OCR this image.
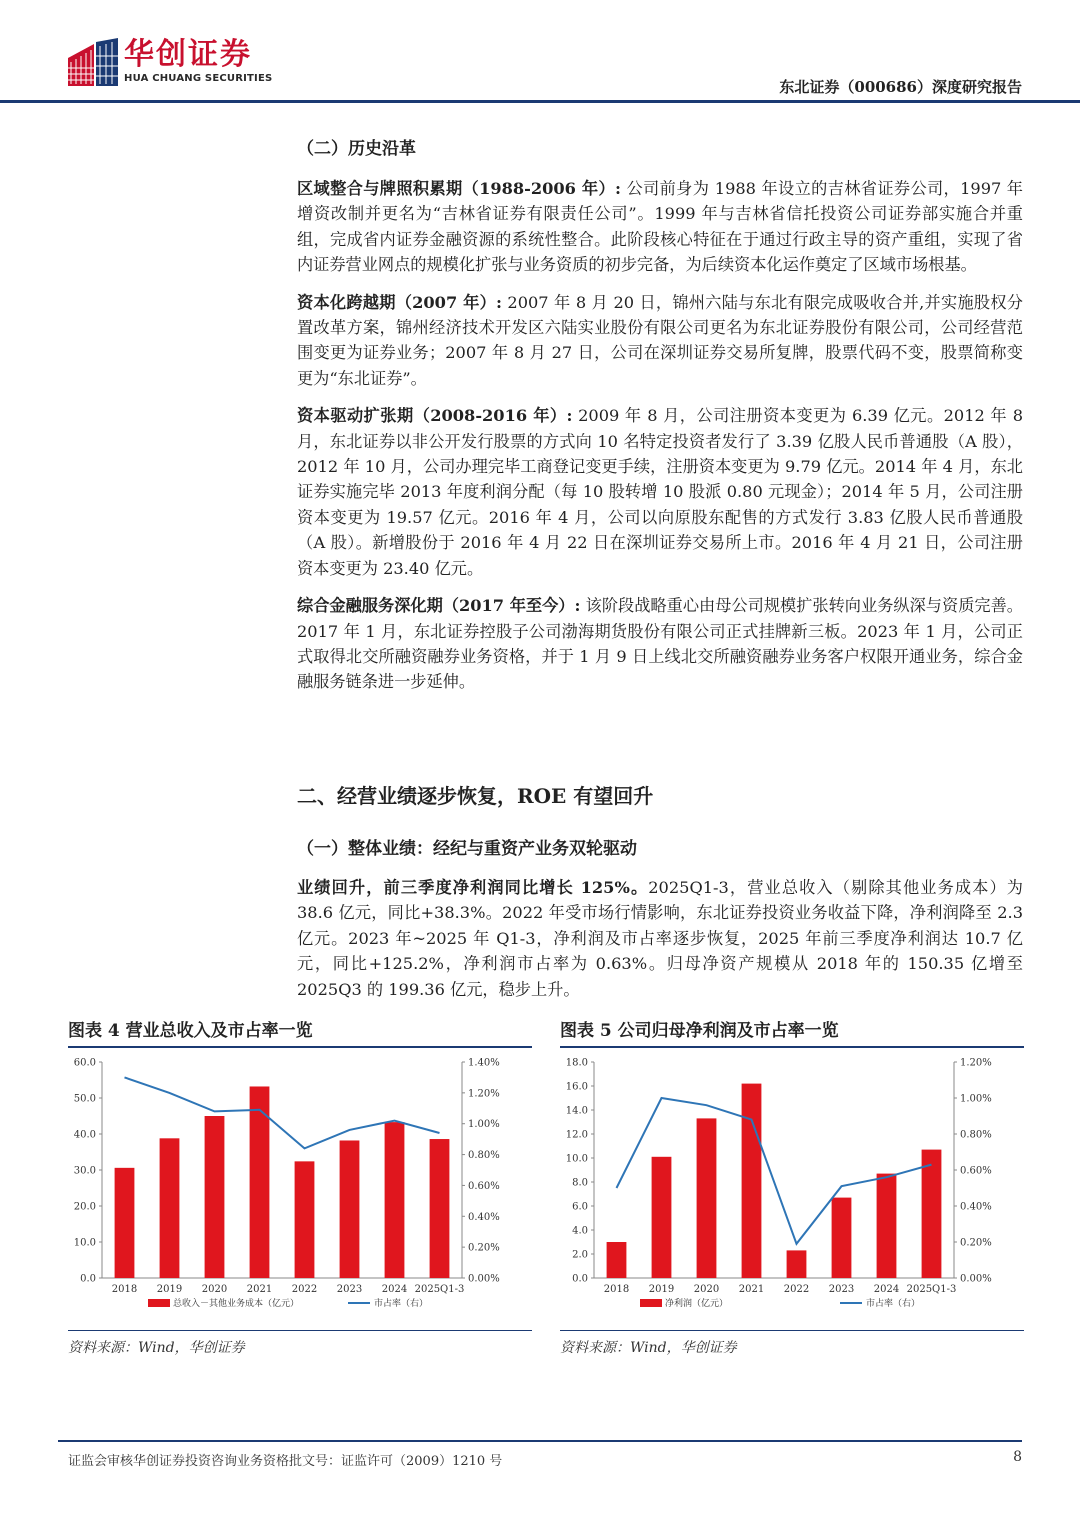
华创证券
HUA CHUANG SECURITIES	东北证券（000686）深度研究报告
（二）历史沿革

区域整合与牌照积累期（1988-2006 年）: 公司前身为 1988 年设立的吉林省证券公司，1997 年增资改制并更名为“吉林省证券有限责任公司”。1999 年与吉林省信托投资公司证券部实施合并重组，完成省内证券金融资源的系统性整合。此阶段核心特征在于通过行政主导的资产重组，实现了省内证券营业网点的规模化扩张与业务资质的初步完备，为后续资本化运作奠定了区域市场根基。

资本化跨越期（2007 年）: 2007 年 8 月 20 日，锦州六陆与东北有限完成吸收合并,并实施股权分置改革方案，锦州经济技术开发区六陆实业股份有限公司更名为东北证券股份有限公司，公司经营范围变更为证券业务；2007 年 8 月 27 日，公司在深圳证券交易所复牌，股票代码不变，股票简称变更为“东北证券”。

资本驱动扩张期（2008-2016 年）: 2009 年 8 月，公司注册资本变更为 6.39 亿元。2012 年 8 月，东北证券以非公开发行股票的方式向 10 名特定投资者发行了 3.39 亿股人民币普通股（A 股），2012 年 10 月，公司办理完毕工商登记变更手续，注册资本变更为 9.79 亿元。2014 年 4 月，东北证券实施完毕 2013 年度利润分配（每 10 股转增 10 股派 0.80 元现金）；2014 年 5 月，公司注册资本变更为 19.57 亿元。2016 年 4 月，公司以向原股东配售的方式发行 3.83 亿股人民币普通股（A 股）。新增股份于 2016 年 4 月 22 日在深圳证券交易所上市。2016 年 4 月 21 日，公司注册资本变更为 23.40 亿元。

综合金融服务深化期（2017 年至今）: 该阶段战略重心由母公司规模扩张转向业务纵深与资质完善。2017 年 1 月，东北证券控股子公司渤海期货股份有限公司正式挂牌新三板。2023 年 1 月，公司正式取得北交所融资融券业务资格，并于 1 月 9 日上线北交所融资融券业务客户权限开通业务，综合金融服务链条进一步延伸。

二、经营业绩逐步恢复，ROE 有望回升
（一）整体业绩：经纪与重资产业务双轮驱动

业绩回升，前三季度净利润同比增长 125%。2025Q1-3，营业总收入（剔除其他业务成本）为 38.6 亿元，同比+38.3%。2022 年受市场行情影响，东北证券投资业务收益下降，净利润降至 2.3 亿元。2023 年~2025 年 Q1-3，净利润及市占率逐步恢复，2025 年前三季度净利润达 10.7 亿元，同比+125.2%，净利润市占率为 0.63%。归母净资产规模从 2018 年的 150.35 亿增至 2025Q3 的 199.36 亿元，稳步上升。

图表 4 营业总收入及市占率一览
0.0
10.0
20.0
30.0
40.0
50.0
60.0
0.00%
0.20%
0.40%
0.60%
0.80%
1.00%
1.20%
1.40%
2018 2019 2020 2021 2022 2023 2024 2025Q1-3
总收入－其他业务成本（亿元）	市占率（右）
资料来源：Wind，华创证券
图表 5 公司归母净利润及市占率一览
0.0
2.0
4.0
6.0
8.0
10.0
12.0
14.0
16.0
18.0
0.00%
0.20%
0.40%
0.60%
0.80%
1.00%
1.20%
2018 2019 2020 2021 2022 2023 2024 2025Q1-3
净利润（亿元）	市占率（右）
资料来源：Wind，华创证券
证监会审核华创证券投资咨询业务资格批文号：证监许可（2009）1210 号	8
